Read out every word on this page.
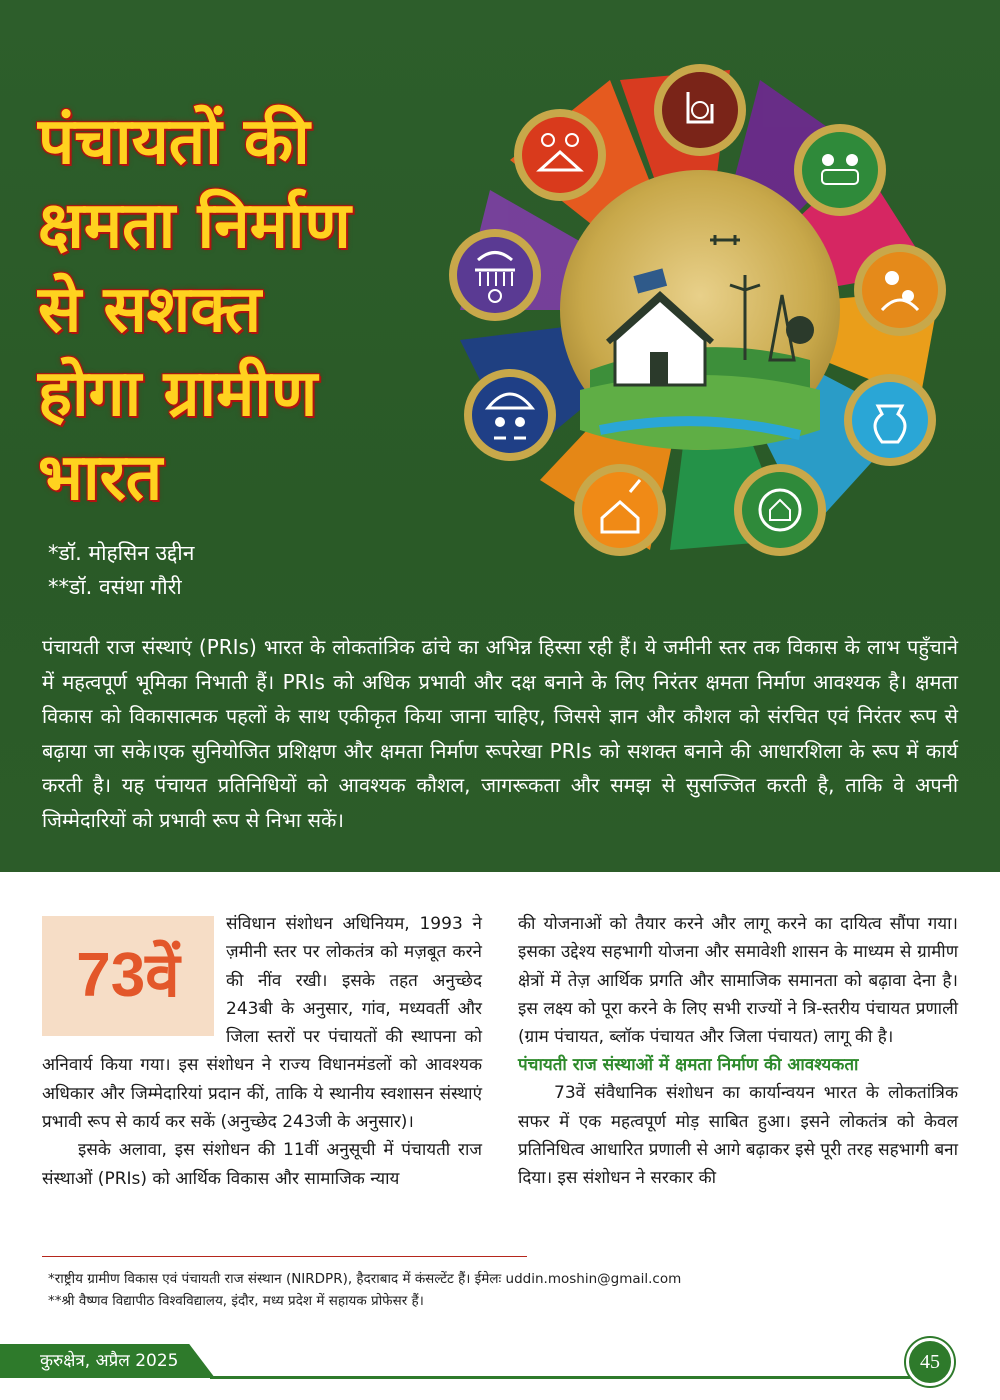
पंचायतों की
क्षमता निर्माण
से सशक्त
होगा ग्रामीण
भारत
*डॉ. मोहसिन उद्दीन
**डॉ. वसंथा गौरी

पंचायती राज संस्थाएं (PRIs) भारत के लोकतांत्रिक ढांचे का अभिन्न हिस्सा रही हैं। ये जमीनी स्तर तक विकास के लाभ पहुँचाने में महत्वपूर्ण भूमिका निभाती हैं। PRIs को अधिक प्रभावी और दक्ष बनाने के लिए निरंतर क्षमता निर्माण आवश्यक है। क्षमता विकास को विकासात्मक पहलों के साथ एकीकृत किया जाना चाहिए, जिससे ज्ञान और कौशल को संरचित एवं निरंतर रूप से बढ़ाया जा सके।एक सुनियोजित प्रशिक्षण और क्षमता निर्माण रूपरेखा PRIs को सशक्त बनाने की आधारशिला के रूप में कार्य करती है। यह पंचायत प्रतिनिधियों को आवश्यक कौशल, जागरूकता और समझ से सुसज्जित करती है, ताकि वे अपनी जिम्मेदारियों को प्रभावी रूप से निभा सकें।

73वें

संविधान संशोधन अधिनियम, 1993 ने ज़मीनी स्तर पर लोकतंत्र को मज़बूत करने की नींव रखी। इसके तहत अनुच्छेद 243बी के अनुसार, गांव, मध्यवर्ती और जिला स्तरों पर पंचायतों की स्थापना को अनिवार्य किया गया। इस संशोधन ने राज्य विधानमंडलों को आवश्यक अधिकार और जिम्मेदारियां प्रदान कीं, ताकि ये स्थानीय स्वशासन संस्थाएं प्रभावी रूप से कार्य कर सकें (अनुच्छेद 243जी के अनुसार)।

इसके अलावा, इस संशोधन की 11वीं अनुसूची में पंचायती राज संस्थाओं (PRIs) को आर्थिक विकास और सामाजिक न्याय

की योजनाओं को तैयार करने और लागू करने का दायित्व सौंपा गया। इसका उद्देश्य सहभागी योजना और समावेशी शासन के माध्यम से ग्रामीण क्षेत्रों में तेज़ आर्थिक प्रगति और सामाजिक समानता को बढ़ावा देना है। इस लक्ष्य को पूरा करने के लिए सभी राज्यों ने त्रि-स्तरीय पंचायत प्रणाली (ग्राम पंचायत, ब्लॉक पंचायत और जिला पंचायत) लागू की है।

पंचायती राज संस्थाओं में क्षमता निर्माण की आवश्यकता

73वें संवैधानिक संशोधन का कार्यान्वयन भारत के लोकतांत्रिक सफर में एक महत्वपूर्ण मोड़ साबित हुआ। इसने लोकतंत्र को केवल प्रतिनिधित्व आधारित प्रणाली से आगे बढ़ाकर इसे पूरी तरह सहभागी बना दिया। इस संशोधन ने सरकार की

*राष्ट्रीय ग्रामीण विकास एवं पंचायती राज संस्थान (NIRDPR), हैदराबाद में कंसल्टेंट हैं। ईमेलः uddin.moshin@gmail.com
**श्री वैष्णव विद्यापीठ विश्वविद्यालय, इंदौर, मध्य प्रदेश में सहायक प्रोफेसर हैं।
कुरुक्षेत्र, अप्रैल 2025	45
